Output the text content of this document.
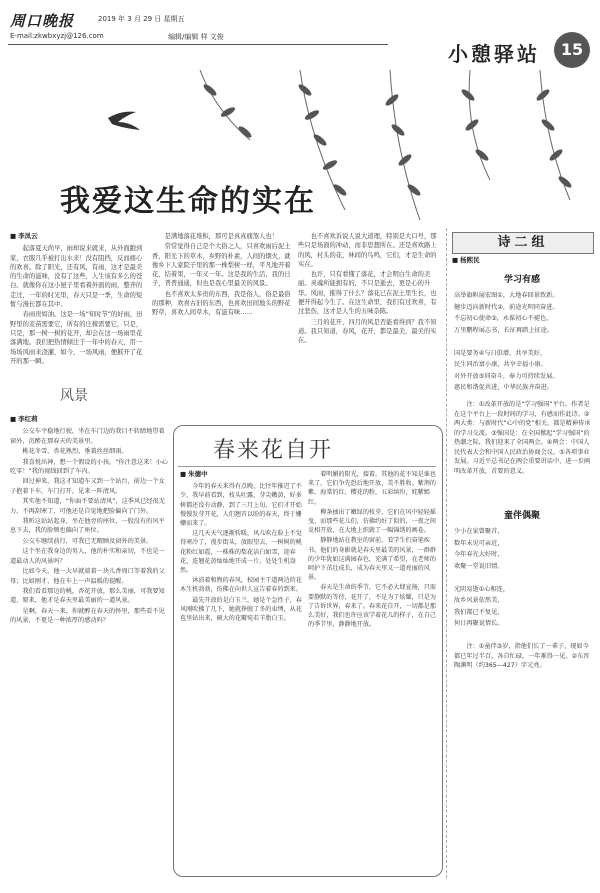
周口晚报	2019 年 3 月 29 日 星期五
E-mail:zkwbxyzj@126.com	编辑/编辑 样 文俊
小憩驿站	15
我爱这生命的实在
■ 李凤云

起落夏天尚早，雨却说来就来，从外面跑到家，衣服几乎被打出水来！没有阻挡，反而痛心的欢喜。除了阳光，还有风，有雨，这才是最美的生命的滋味，没有了这些，人生该有多么的苍白。就像你在这小屋子里看着外面的雨，整齐的走过，一年的时光里，春天只是一季，生命的短暂与漫长都在其中。

春雨贵如油。这是一场“知时节”的好雨，田野里的麦苗需要它，所有的庄稼需要它，只是，只是，那一树一树的花开，却会在这一场雨里花落满地。我们把热情倾注于一年中的春天，用一场场风雨来浇灌，如今，一场风雨，便摧开了花开的那一瞬。

是满地落花堆积，那可是真真痛煞人也！

常常觉得自己是个大俗之人，只喜欢雨后泥土香，阳光下的草木，乡野的朴素，人间的烟火，就像乡下人家院子里的那一株梨树一样，平凡地开着花，结着果，一年又一年。这是我的生活，我的日子，普普通通，但也是我心里最美的风景。

也不喜欢太多贵的东西，我是俗人，俗是最俗的那种，欢喜古旧的东西，也喜欢田间地头的野花野草，喜欢人间草木，有滋有味……

也不喜欢诉说人说大道理，特别是大口号，那些只是场面的冲动，而非思想所在。还是喜欢路上的风，村头的花，林间的鸟鸣，它们，才是生命的实在。

也许，只有看懂了落花，才会明白生命的美丽。灵魂所能拥有的，不只是逝去，更是心的升华。风雨，摧得了什么？落花已在泥土里生长，也便开得起今生了。在这生命里，我们有过欢喜，有过悲伤，这才是人生的五味杂陈。

三月的花开，四月的风是否能看得到？我不知道。我只知道，春风，花开，都是最美，最美的实在。

风景
■ 李红莉

公交车平稳地行驶，坐在车门边的我目不转睛地望着窗外，沉醉在那春天的美景里。

桃花冬雪，杏花熟烈，垂着丝丝细雨。

我喜悦出神，想一个假设的小孩。“你注意这来！小心吃零！”我的视线回到了车内。

回过神来，我这才知道车又到一个站台，前边一个女子抱着下车，车门打开，见来一阵清风。

其实他不知道，“你面不要站清风”，这季风已经很无力，不再刮寒了，可他还是自觉地把脸偏向了门外。

我听这站站起身，坐在他旁的座位，一股没有的风平息下去，我的脸颊也偏向了座位。

公交车继续前行，可我已无暇顾及窗外的美景。

这个坐在我身边的男人，他的朴实和亲切，不也是一道最动人的风景吗？

比如今天，他一大早就端着一块儿香周口等着我的父母；比如刚才，他在车上一声温暖的提醒。

我们看看那边的桃，杏花开放，那么美丽，可我要知道，原来，他才是春天里最美丽的一道风景。

是啊，春天一来，你就醉在春天的怀里，那些看不见的风景，不更是一种浓厚的感动吗？

春来花自开
■ 朱德中

今年的春天来得有点晚，比往年推迟了不少，我早前看到，枝头吐露，芽尖嫩黄，好多树都还没有动静，到了三月上旬，它们才开始慢慢发芽开花，人们翘首以盼的春天，终于姗姗而来了。

这几天天气逐渐转暖，风儿吹在脸上不觉得寒冷了，漫步街头，放眼望去，一树树的桃花粉红如霞，一株株的梨花洁白如雪，迎春花、连翘花黄灿灿地开成一片，处处生机盎然。

沐浴着和煦的春风，校园主干道两边的花木生机勃勃，彷佛在向世人宣告着春的到来。

最先开放的是白玉兰，她是个急性子，春风刚吹拂了几下，她就挣脱了冬的束缚，从花苞里钻出来，硕大的花瓣宛若羊脂白玉。

着明媚的阳光，接着，其他的花不知是谁也来了，它们争先恐后地开放，美不胜收。紫荆的紫、海棠的红、樱花的粉，五彩缤纷，姹紫嫣红。

柳条抽出了嫩绿的枝芽，它们在风中轻轻摇曳，而那些花儿们，仿佛约好了似的，一夜之间竞相开放，在大地上织就了一幅锦绣的画卷。

静静地站在教室的窗前，看学生们奋笔疾书，他们的身影就是春天里最美的风景，一群群的少年犹如这满园春色，充满了希望，在老师的呵护下茁壮成长，成为春天里又一道亮丽的风景。

春天是生命的季节，它不必大肆宣扬，只需要静默的等待，花开了，不是为了炫耀，只是为了告诉世界，春来了。春来花自开，一切都是那么美好，我们也许应该学着花儿的样子，在自己的季节里，静静地开放。

诗二组
■ 杨熙民
学习有感
高举旗帜展宏图①，大地春回景致新。
健步迈向新时代②，前途光明同奋进。
不忘初心使命③，永葆初心不褪色，
万里鹏程展志书，长征再踏上征途。

国是要务④与日俱增，共享美好，
民生同治富小康，共享幸福小康。
对外开放⑤同奋斗，奉力可持续发展。
惠民和谐促共进，中华民族齐奋进。

注：①改革开放的是“学习强国”平台。作者是在这个平台上一段时间的学习，有感而作此诗。②两大类：与新时代“心中的党”相关，都是精神传承的学习交流。③强国是：在全国掀起“学习强国”的热潮之际，我们迎来了全国两会。④两会：中国人民代表大会和中国人民政治协商会议，⑤各项事业发展。习近平总书记在两会重要讲话中，进一步阐明改革开放，首要的意义。

童伴偶聚
少小在家曾聚首，
数年未见可亲近，
今年春光大好时，
欢聚一堂说旧情。

光阴易逝①心相连，
故乡风景依然美，
我们都已不复见，
何日再聚说情长。

注：①童伴③岁，指他们长了一辈子，现如今都已年过半百，各自忙碌，一年难得一见。②东晋陶渊明（约365—427）字元亮。
